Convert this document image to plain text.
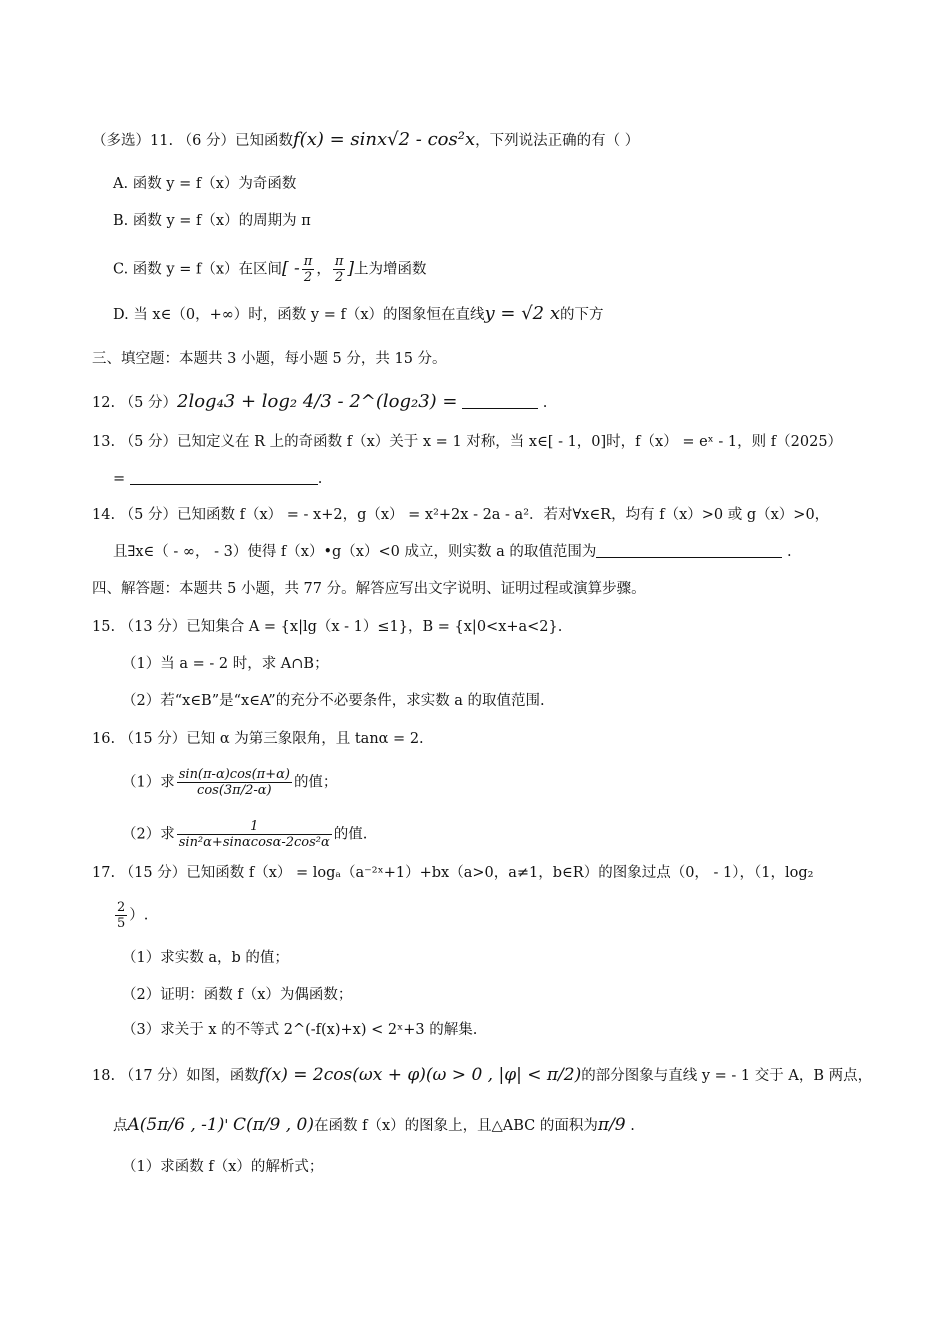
（多选）11. （6 分）已知函数f(x) = sinx√2 - cos²x，下列说法正确的有（ ）
A. 函数 y = f（x）为奇函数
B. 函数 y = f（x）的周期为 π
C. 函数 y = f（x）在区间[ - $\frac{\pi}{2}$ ， $\frac{\pi}{2}$ ]上为增函数
D. 当 x∈（0，+∞）时，函数 y = f（x）的图象恒在直线y = √2 x的下方
三、填空题：本题共 3 小题，每小题 5 分，共 15 分。
12. （5 分）2log₄3 + log₂ 4/3 - 2^(log₂3) =	.
13. （5 分）已知定义在 R 上的奇函数 f（x）关于 x = 1 对称，当 x∈[ - 1，0]时，f（x） = eˣ - 1，则 f（2025）
=	.
14. （5 分）已知函数 f（x） = - x+2，g（x） = x²+2x - 2a - a²．若对∀x∈R，均有 f（x）>0 或 g（x）>0，
且∃x∈（ - ∞， - 3）使得 f（x）•g（x）<0 成立，则实数 a 的取值范围为	.
四、解答题：本题共 5 小题，共 77 分。解答应写出文字说明、证明过程或演算步骤。
15. （13 分）已知集合 A = {x|lg（x - 1）≤1}，B = {x|0<x+a<2}.
（1）当 a = - 2 时，求 A∩B；
（2）若“x∈B”是“x∈A”的充分不必要条件，求实数 a 的取值范围.
16. （15 分）已知 α 为第三象限角，且 tanα = 2.
（1）求 $\frac{\sin(\pi-\alpha)\cos(\pi+\alpha)}{\cos(3\pi/2-\alpha)}$ 的值；
（2）求 $\frac{1}{\text{sin²α+sinαcosα-2cos²α}}$ 的值.
17. （15 分）已知函数 f（x） = logₐ（a⁻²ˣ+1）+bx（a>0，a≠1，b∈R）的图象过点（0， - 1），（1，log₂
$\frac{2}{5}$ ）.
（1）求实数 a，b 的值；
（2）证明：函数 f（x）为偶函数；
（3）求关于 x 的不等式 2^(-f(x)+x) < 2ˣ+3 的解集.
18. （17 分）如图，函数f(x) = 2cos(ωx + φ)(ω > 0 , |φ| < π/2)的部分图象与直线 y = - 1 交于 A，B 两点，
点A(5π/6 , -1)' C(π/9 , 0)在函数 f（x）的图象上，且△ABC 的面积为π/9 .
（1）求函数 f（x）的解析式；
